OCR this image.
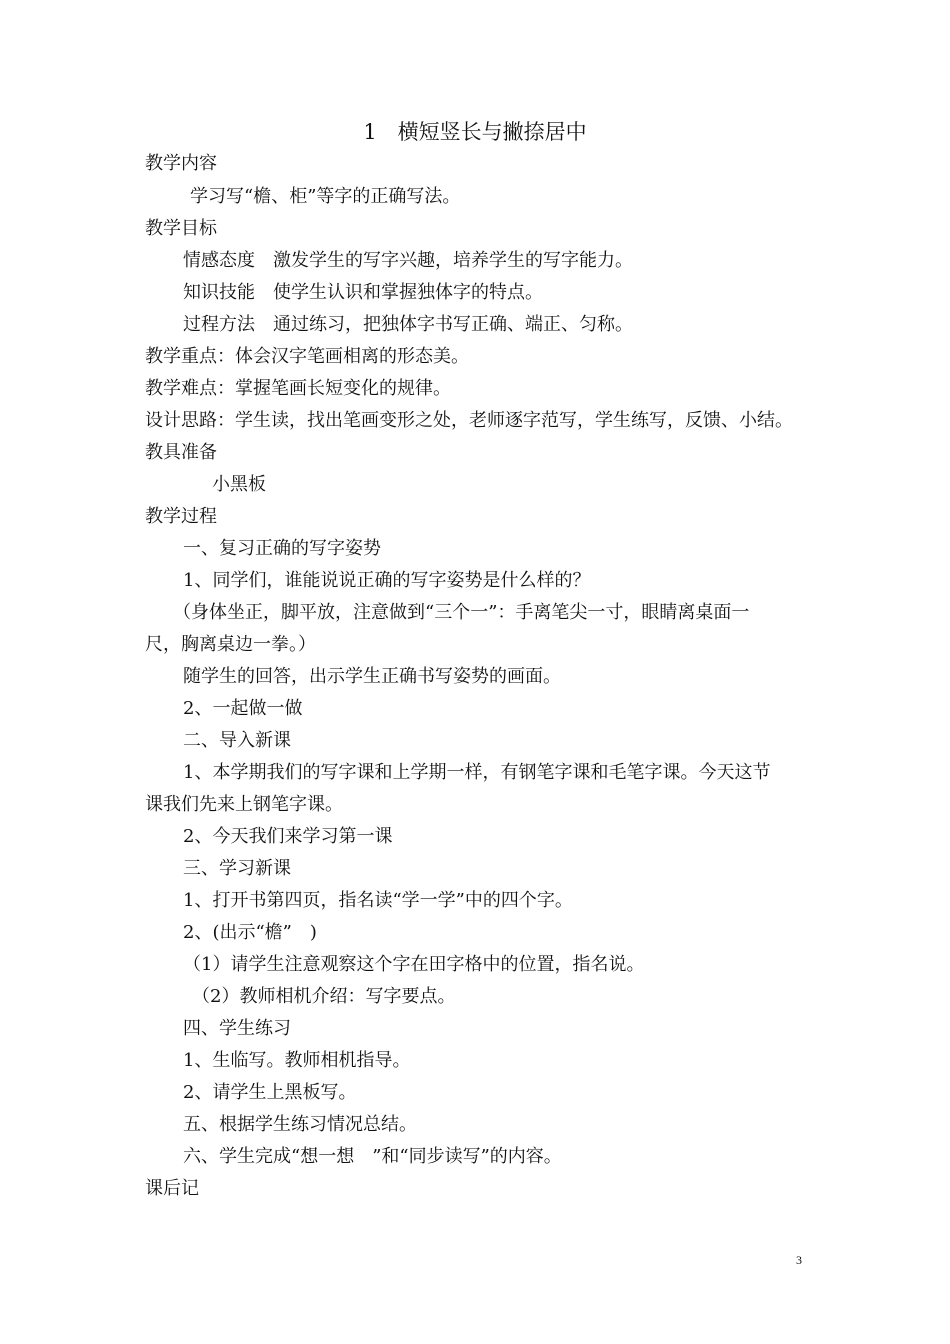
1　横短竖长与撇捺居中
教学内容
学习写“檐、柜”等字的正确写法。
教学目标
情感态度　激发学生的写字兴趣，培养学生的写字能力。
知识技能　使学生认识和掌握独体字的特点。
过程方法　通过练习，把独体字书写正确、端正、匀称。
教学重点：体会汉字笔画相离的形态美。
教学难点：掌握笔画长短变化的规律。
设计思路：学生读，找出笔画变形之处，老师逐字范写，学生练写，反馈、小结。
教具准备
小黑板
教学过程
一、复习正确的写字姿势
1、同学们，谁能说说正确的写字姿势是什么样的？
（身体坐正，脚平放，注意做到“三个一”：手离笔尖一寸，眼睛离桌面一
尺，胸离桌边一拳。）
随学生的回答，出示学生正确书写姿势的画面。
2、一起做一做
二、导入新课
1、本学期我们的写字课和上学期一样，有钢笔字课和毛笔字课。今天这节
课我们先来上钢笔字课。
2、今天我们来学习第一课
三、学习新课
1、打开书第四页，指名读“学一学”中的四个字。
2、(出示“檐”　)
（1）请学生注意观察这个字在田字格中的位置，指名说。
（2）教师相机介绍：写字要点。
四、学生练习
1、生临写。教师相机指导。
2、请学生上黑板写。
五、根据学生练习情况总结。
六、学生完成“想一想　”和“同步读写”的内容。
课后记
3
